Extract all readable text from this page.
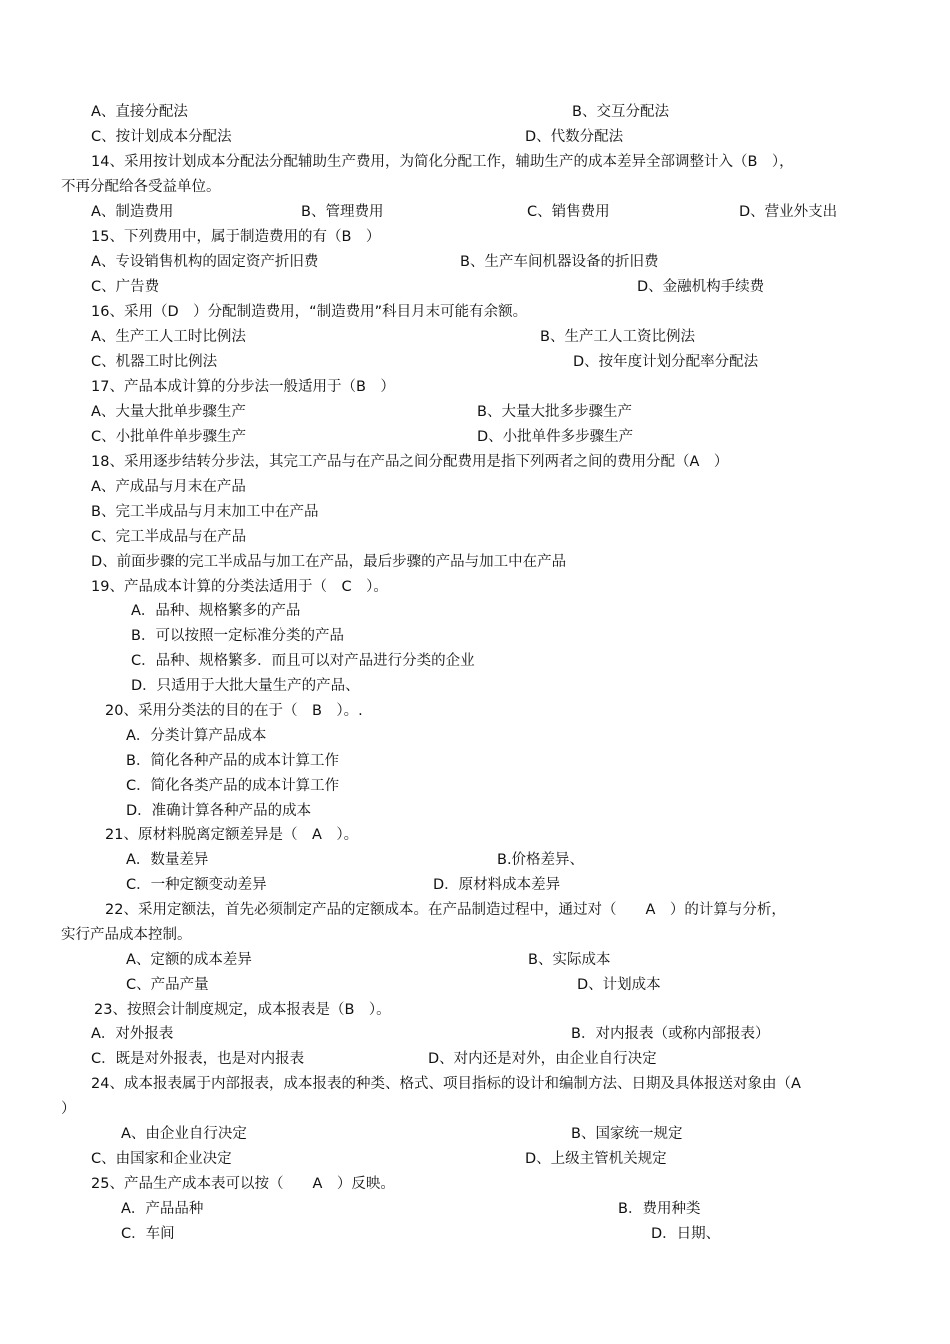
A、直接分配法	B、交互分配法
C、按计划成本分配法	D、代数分配法
14、采用按计划成本分配法分配辅助生产费用，为简化分配工作，辅助生产的成本差异全部调整计入（B　），
不再分配给各受益单位。
A、制造费用	B、管理费用	C、销售费用	D、营业外支出
15、下列费用中，属于制造费用的有（B　）
A、专设销售机构的固定资产折旧费	B、生产车间机器设备的折旧费
C、广告费	D、金融机构手续费
16、采用（D　）分配制造费用，“制造费用”科目月末可能有余额。
A、生产工人工时比例法	B、生产工人工资比例法
C、机器工时比例法	D、按年度计划分配率分配法
17、产品本成计算的分步法一般适用于（B　）
A、大量大批单步骤生产	B、大量大批多步骤生产
C、小批单件单步骤生产	D、小批单件多步骤生产
18、采用逐步结转分步法，其完工产品与在产品之间分配费用是指下列两者之间的费用分配（A　）
A、产成品与月末在产品
B、完工半成品与月末加工中在产品
C、完工半成品与在产品
D、前面步骤的完工半成品与加工在产品，最后步骤的产品与加工中在产品
19、产品成本计算的分类法适用于（　C　）。
A．品种、规格繁多的产品
B．可以按照一定标准分类的产品
C．品种、规格繁多．而且可以对产品进行分类的企业
D．只适用于大批大量生产的产品、
20、采用分类法的目的在于（　B　）。.
A．分类计算产品成本
B．简化各种产品的成本计算工作
C．简化各类产品的成本计算工作
D．准确计算各种产品的成本
21、原材料脱离定额差异是（　A　）。
A．数量差异	B.价格差异、
C．一种定额变动差异	D．原材料成本差异
22、采用定额法，首先必须制定产品的定额成本。在产品制造过程中，通过对（　　A　）的计算与分析，
实行产品成本控制。
A、定额的成本差异	B、实际成本
C、产品产量	D、计划成本
23、按照会计制度规定，成本报表是（B　）。
A．对外报表	B．对内报表（或称内部报表）
C．既是对外报表，也是对内报表	D、对内还是对外，由企业自行决定
24、成本报表属于内部报表，成本报表的种类、格式、项目指标的设计和编制方法、日期及具体报送对象由（A
）
A、由企业自行决定	B、国家统一规定
C、由国家和企业决定	D、上级主管机关规定
25、产品生产成本表可以按（　　A　）反映。
A．产品品种	B．费用种类
C．车间	D．日期、
